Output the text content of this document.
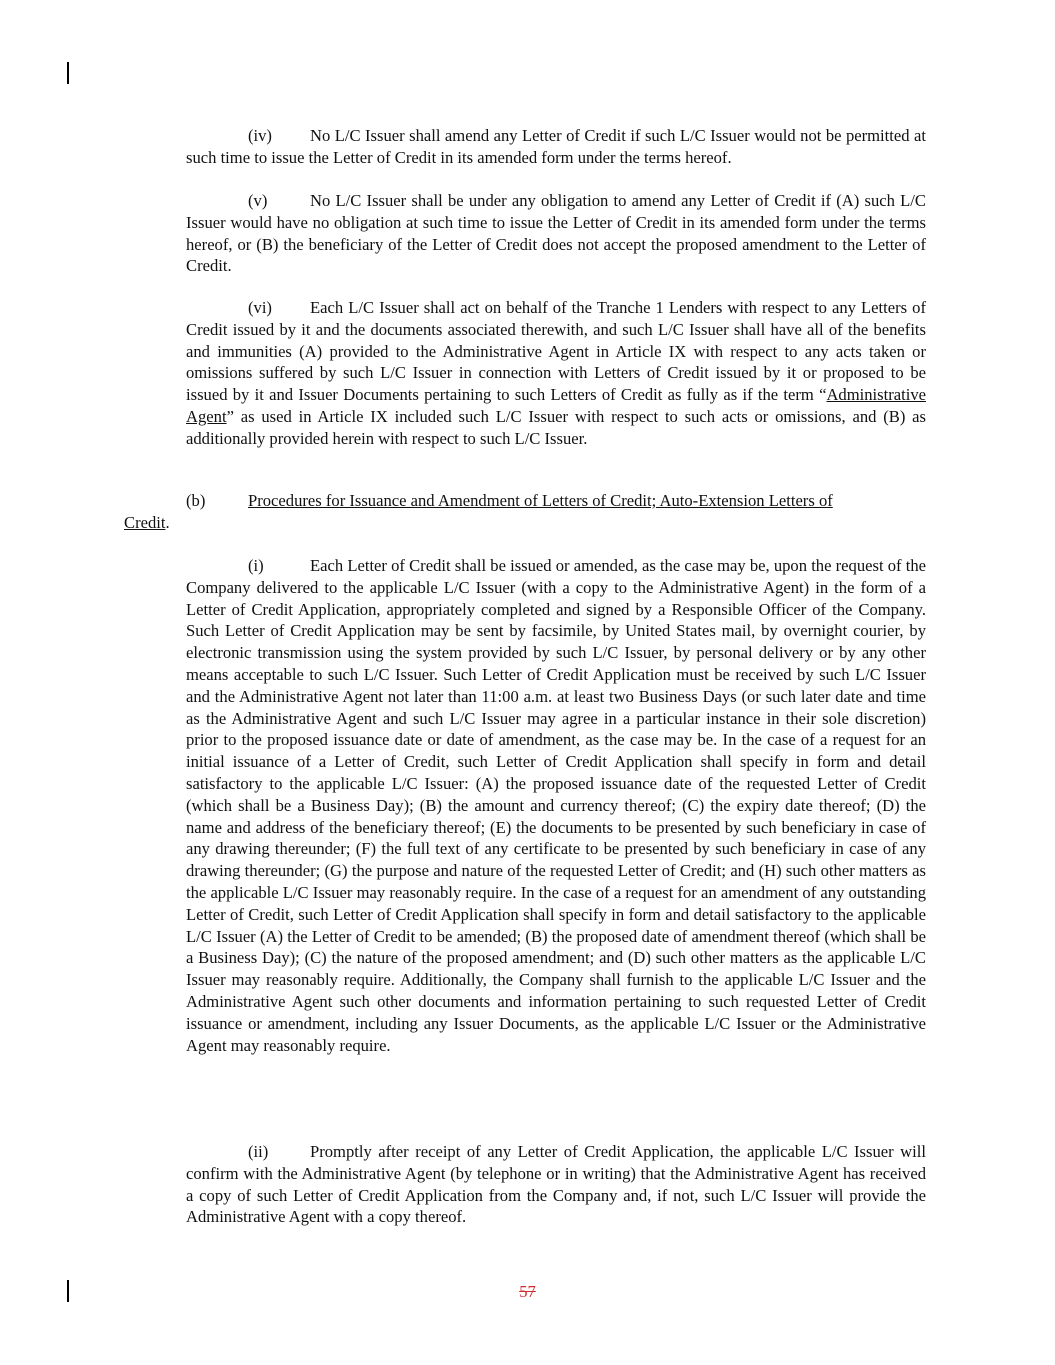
(iv) No L/C Issuer shall amend any Letter of Credit if such L/C Issuer would not be permitted at such time to issue the Letter of Credit in its amended form under the terms hereof.

(v)	No L/C Issuer shall be under any obligation to amend any Letter of Credit if (A) such L/C Issuer would have no obligation at such time to issue the Letter of Credit in its amended form under the terms hereof, or (B) the beneficiary of the Letter of Credit does not accept the proposed amendment to the Letter of Credit.

(vi) Each L/C Issuer shall act on behalf of the Tranche 1 Lenders with respect to any Letters of Credit issued by it and the documents associated therewith, and such L/C Issuer shall have all of the benefits and immunities (A) provided to the Administrative Agent in Article IX with respect to any acts taken or omissions suffered by such L/C Issuer in connection with Letters of Credit issued by it or proposed to be issued by it and Issuer Documents pertaining to such Letters of Credit as fully as if the term “Administrative Agent” as used in Article IX included such L/C Issuer with respect to such acts or omissions, and (B) as additionally provided herein with respect to such L/C Issuer.

(b)	Procedures for Issuance and Amendment of Letters of Credit; Auto-Extension Letters of

Credit.

(i)	Each Letter of Credit shall be issued or amended, as the case may be, upon the request of the Company delivered to the applicable L/C Issuer (with a copy to the Administrative Agent) in the form of a Letter of Credit Application, appropriately completed and signed by a Responsible Officer of the Company. Such Letter of Credit Application may be sent by facsimile, by United States mail, by overnight courier, by electronic transmission using the system provided by such L/C Issuer, by personal delivery or by any other means acceptable to such L/C Issuer. Such Letter of Credit Application must be received by such L/C Issuer and the Administrative Agent not later than 11:00 a.m. at least two Business Days (or such later date and time as the Administrative Agent and such L/C Issuer may agree in a particular instance in their sole discretion) prior to the proposed issuance date or date of amendment, as the case may be. In the case of a request for an initial issuance of a Letter of Credit, such Letter of Credit Application shall specify in form and detail satisfactory to the applicable L/C Issuer: (A) the proposed issuance date of the requested Letter of Credit (which shall be a Business Day); (B) the amount and currency thereof; (C) the expiry date thereof; (D) the name and address of the beneficiary thereof; (E) the documents to be presented by such beneficiary in case of any drawing thereunder; (F) the full text of any certificate to be presented by such beneficiary in case of any drawing thereunder; (G) the purpose and nature of the requested Letter of Credit; and (H) such other matters as the applicable L/C Issuer may reasonably require. In the case of a request for an amendment of any outstanding Letter of Credit, such Letter of Credit Application shall specify in form and detail satisfactory to the applicable L/C Issuer (A) the Letter of Credit to be amended; (B) the proposed date of amendment thereof (which shall be a Business Day); (C) the nature of the proposed amendment; and (D) such other matters as the applicable L/C Issuer may reasonably require. Additionally, the Company shall furnish to the applicable L/C Issuer and the Administrative Agent such other documents and information pertaining to such requested Letter of Credit issuance or amendment, including any Issuer Documents, as the applicable L/C Issuer or the Administrative Agent may reasonably require.

(ii)	Promptly after receipt of any Letter of Credit Application, the applicable L/C Issuer will confirm with the Administrative Agent (by telephone or in writing) that the Administrative Agent has received a copy of such Letter of Credit Application from the Company and, if not, such L/C Issuer will provide the Administrative Agent with a copy thereof.

57
